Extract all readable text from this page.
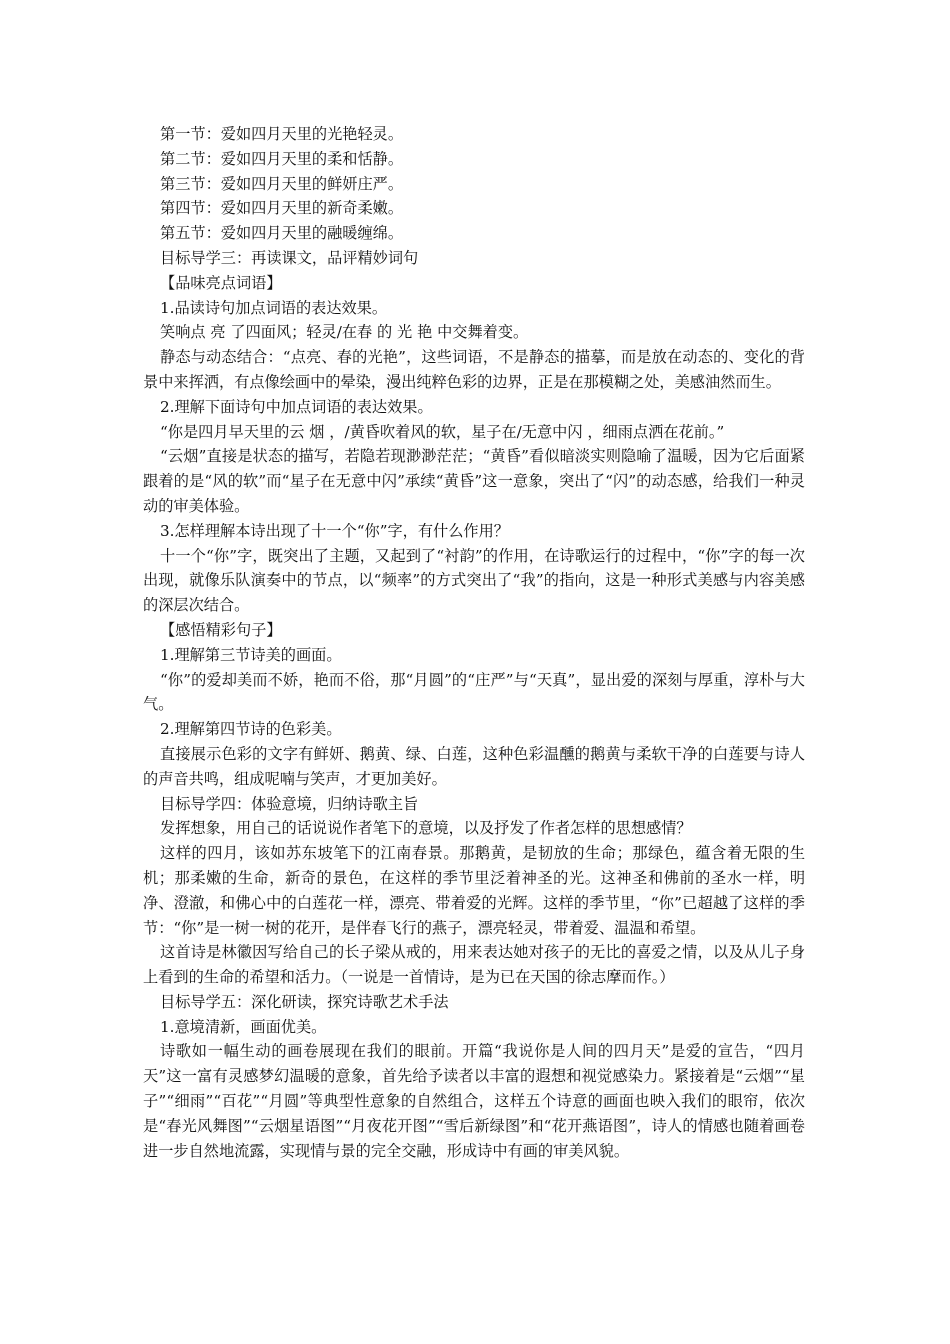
第一节：爱如四月天里的光艳轻灵。

第二节：爱如四月天里的柔和恬静。

第三节：爱如四月天里的鲜妍庄严。

第四节：爱如四月天里的新奇柔嫩。

第五节：爱如四月天里的融暖缠绵。

目标导学三：再读课文，品评精妙词句

【品味亮点词语】

1.品读诗句加点词语的表达效果。

笑响点 亮 了四面风；轻灵/在春 的 光 艳 中交舞着变。

静态与动态结合：“点亮、春的光艳”，这些词语，不是静态的描摹，而是放在动态的、变化的背景中来挥洒，有点像绘画中的晕染，漫出纯粹色彩的边界，正是在那模糊之处，美感油然而生。

2.理解下面诗句中加点词语的表达效果。

“你是四月早天里的云 烟 ，/黄昏吹着风的软，星子在/无意中闪 ，细雨点洒在花前。”

“云烟”直接是状态的描写，若隐若现渺渺茫茫；“黄昏”看似暗淡实则隐喻了温暖，因为它后面紧跟着的是“风的软”而“星子在无意中闪”承续“黄昏”这一意象，突出了“闪”的动态感，给我们一种灵动的审美体验。

3.怎样理解本诗出现了十一个“你”字，有什么作用？

十一个“你”字，既突出了主题，又起到了“衬韵”的作用，在诗歌运行的过程中，“你”字的每一次出现，就像乐队演奏中的节点，以“频率”的方式突出了“我”的指向，这是一种形式美感与内容美感的深层次结合。

【感悟精彩句子】

1.理解第三节诗美的画面。

“你”的爱却美而不娇，艳而不俗，那“月圆”的“庄严”与“天真”，显出爱的深刻与厚重，淳朴与大气。

2.理解第四节诗的色彩美。

直接展示色彩的文字有鲜妍、鹅黄、绿、白莲，这种色彩温醺的鹅黄与柔软干净的白莲要与诗人的声音共鸣，组成呢喃与笑声，才更加美好。

目标导学四：体验意境，归纳诗歌主旨

发挥想象，用自己的话说说作者笔下的意境，以及抒发了作者怎样的思想感情？

这样的四月，该如苏东坡笔下的江南春景。那鹅黄，是韧放的生命；那绿色，蕴含着无限的生机；那柔嫩的生命，新奇的景色，在这样的季节里泛着神圣的光。这神圣和佛前的圣水一样，明净、澄澈，和佛心中的白莲花一样，漂亮、带着爱的光辉。这样的季节里，“你”已超越了这样的季节：“你”是一树一树的花开，是伴春飞行的燕子，漂亮轻灵，带着爱、温温和希望。

这首诗是林徽因写给自己的长子梁从戒的，用来表达她对孩子的无比的喜爱之情，以及从儿子身上看到的生命的希望和活力。（一说是一首情诗，是为已在天国的徐志摩而作。）

目标导学五：深化研读，探究诗歌艺术手法

1.意境清新，画面优美。

诗歌如一幅生动的画卷展现在我们的眼前。开篇“我说你是人间的四月天”是爱的宣告，“四月天”这一富有灵感梦幻温暖的意象，首先给予读者以丰富的遐想和视觉感染力。紧接着是“云烟”“星子”“细雨”“百花”“月圆”等典型性意象的自然组合，这样五个诗意的画面也映入我们的眼帘，依次是“春光风舞图”“云烟星语图”“月夜花开图”“雪后新绿图”和“花开燕语图”，诗人的情感也随着画卷进一步自然地流露，实现情与景的完全交融，形成诗中有画的审美风貌。
